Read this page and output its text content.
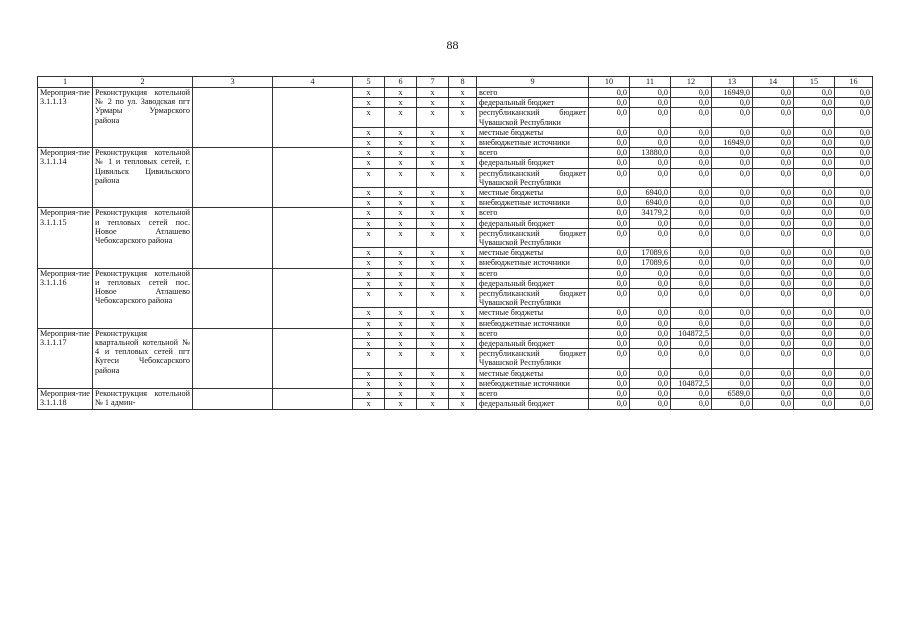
88
1	2	3	4	5	6	7	8	9	10	11	12	13	14	15	16
Мероприя-тие 3.1.1.13	Реконструкция котельной № 2 по ул. Заводская пгт Урмары Урмарского района			x	x	x	x	всего	0,0	0,0	0,0	16949,0	0,0	0,0	0,0
				x	x	x	x	федеральный бюджет	0,0	0,0	0,0	0,0	0,0	0,0	0,0
				x	x	x	x	республиканский бюджет Чувашской Республики	0,0	0,0	0,0	0,0	0,0	0,0	0,0
				x	x	x	x	местные бюджеты	0,0	0,0	0,0	0,0	0,0	0,0	0,0
				x	x	x	x	внебюджетные источники	0,0	0,0	0,0	16949,0	0,0	0,0	0,0
Мероприя-тие 3.1.1.14	Реконструкция котельной № 1 и тепловых сетей, г. Цивильск Цивильского района			x	x	x	x	всего	0,0	13880,0	0,0	0,0	0,0	0,0	0,0
				x	x	x	x	федеральный бюджет	0,0	0,0	0,0	0,0	0,0	0,0	0,0
				x	x	x	x	республиканский бюджет Чувашской Республики	0,0	0,0	0,0	0,0	0,0	0,0	0,0
				x	x	x	x	местные бюджеты	0,0	6940,0	0,0	0,0	0,0	0,0	0,0
				x	x	x	x	внебюджетные источники	0,0	6940,0	0,0	0,0	0,0	0,0	0,0
Мероприя-тие 3.1.1.15	Реконструкция котельной и тепловых сетей пос. Новое Атлашево Чебоксарского района			x	x	x	x	всего	0,0	34179,2	0,0	0,0	0,0	0,0	0,0
				x	x	x	x	федеральный бюджет	0,0	0,0	0,0	0,0	0,0	0,0	0,0
				x	x	x	x	республиканский бюджет Чувашской Республики	0,0	0,0	0,0	0,0	0,0	0,0	0,0
				x	x	x	x	местные бюджеты	0,0	17089,6	0,0	0,0	0,0	0,0	0,0
				x	x	x	x	внебюджетные источники	0,0	17089,6	0,0	0,0	0,0	0,0	0,0
Мероприя-тие 3.1.1.16	Реконструкция котельной и тепловых сетей пос. Новое Атлашево Чебоксарского района			x	x	x	x	всего	0,0	0,0	0,0	0,0	0,0	0,0	0,0
				x	x	x	x	федеральный бюджет	0,0	0,0	0,0	0,0	0,0	0,0	0,0
				x	x	x	x	республиканский бюджет Чувашской Республики	0,0	0,0	0,0	0,0	0,0	0,0	0,0
				x	x	x	x	местные бюджеты	0,0	0,0	0,0	0,0	0,0	0,0	0,0
				x	x	x	x	внебюджетные источники	0,0	0,0	0,0	0,0	0,0	0,0	0,0
Мероприя-тие 3.1.1.17	Реконструкция квартальной котельной № 4 и тепловых сетей пгт Кугеси Чебоксарского района			x	x	x	x	всего	0,0	0,0	104872,5	0,0	0,0	0,0	0,0
				x	x	x	x	федеральный бюджет	0,0	0,0	0,0	0,0	0,0	0,0	0,0
				x	x	x	x	республиканский бюджет Чувашской Республики	0,0	0,0	0,0	0,0	0,0	0,0	0,0
				x	x	x	x	местные бюджеты	0,0	0,0	0,0	0,0	0,0	0,0	0,0
				x	x	x	x	внебюджетные источники	0,0	0,0	104872,5	0,0	0,0	0,0	0,0
Мероприя-тие 3.1.1.18	Реконструкция котельной № 1 админ-			x	x	x	x	всего	0,0	0,0	0,0	6589,0	0,0	0,0	0,0
				x	x	x	x	федеральный бюджет	0,0	0,0	0,0	0,0	0,0	0,0	0,0
